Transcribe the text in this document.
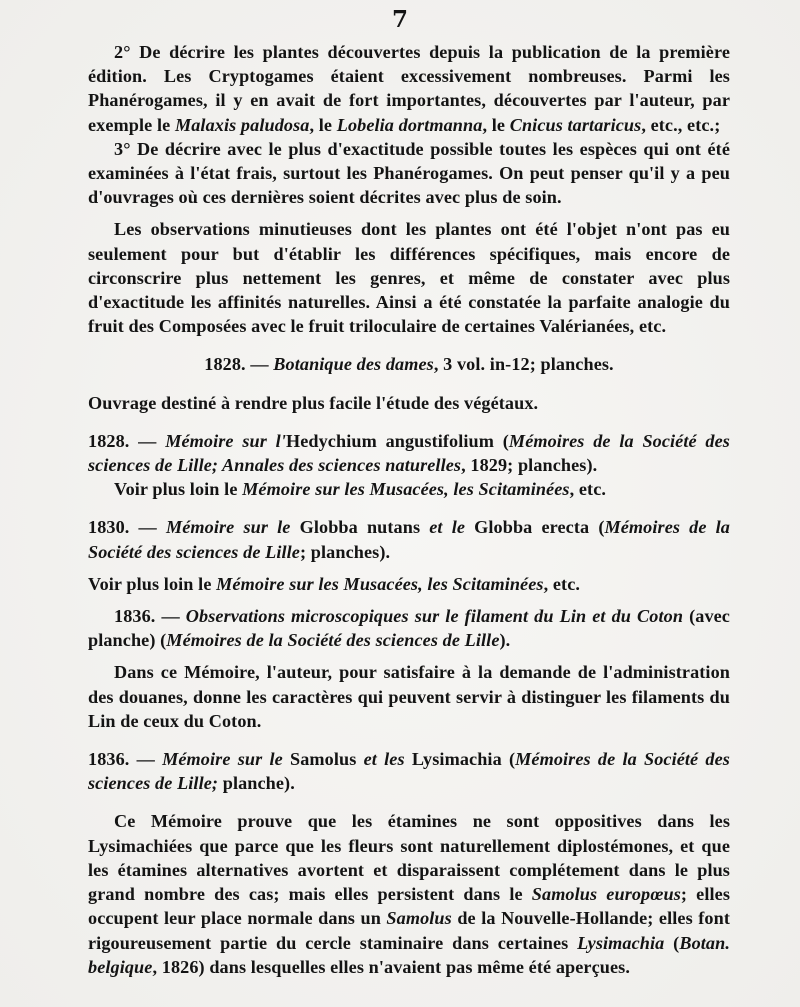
7

2° De décrire les plantes découvertes depuis la publication de la première édition. Les Cryptogames étaient excessivement nombreuses. Parmi les Phanérogames, il y en avait de fort importantes, découvertes par l'auteur, par exemple le Malaxis paludosa, le Lobelia dortmanna, le Cnicus tartaricus, etc., etc.;

3° De décrire avec le plus d'exactitude possible toutes les espèces qui ont été examinées à l'état frais, surtout les Phanérogames. On peut penser qu'il y a peu d'ouvrages où ces dernières soient décrites avec plus de soin.

Les observations minutieuses dont les plantes ont été l'objet n'ont pas eu seulement pour but d'établir les différences spécifiques, mais encore de circonscrire plus nettement les genres, et même de constater avec plus d'exactitude les affinités naturelles. Ainsi a été constatée la parfaite analogie du fruit des Composées avec le fruit triloculaire de certaines Valérianées, etc.

1828. — Botanique des dames, 3 vol. in-12; planches.

Ouvrage destiné à rendre plus facile l'étude des végétaux.

1828. — Mémoire sur l'Hedychium angustifolium (Mémoires de la Société des sciences de Lille; Annales des sciences naturelles, 1829; planches).

Voir plus loin le Mémoire sur les Musacées, les Scitaminées, etc.

1830. — Mémoire sur le Globba nutans et le Globba erecta (Mémoires de la Société des sciences de Lille; planches).

Voir plus loin le Mémoire sur les Musacées, les Scitaminées, etc.

1836. — Observations microscopiques sur le filament du Lin et du Coton (avec planche) (Mémoires de la Société des sciences de Lille).

Dans ce Mémoire, l'auteur, pour satisfaire à la demande de l'administration des douanes, donne les caractères qui peuvent servir à distinguer les filaments du Lin de ceux du Coton.

1836. — Mémoire sur le Samolus et les Lysimachia (Mémoires de la Société des sciences de Lille; planche).

Ce Mémoire prouve que les étamines ne sont oppositives dans les Lysimachiées que parce que les fleurs sont naturellement diplostémones, et que les étamines alternatives avortent et disparaissent complétement dans le plus grand nombre des cas; mais elles persistent dans le Samolus europœus; elles occupent leur place normale dans un Samolus de la Nouvelle-Hollande; elles font rigoureusement partie du cercle staminaire dans certaines Lysimachia (Botan. belgique, 1826) dans lesquelles elles n'avaient pas même été aperçues.
